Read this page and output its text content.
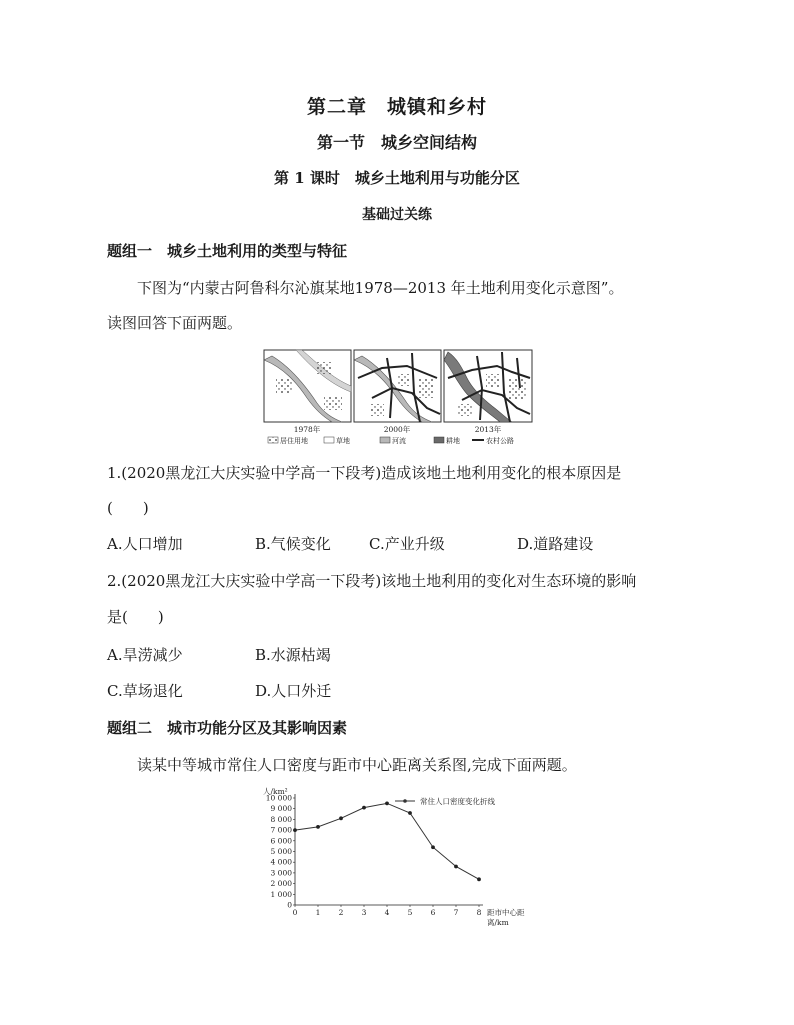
第二章　城镇和乡村
第一节　城乡空间结构
第 1 课时　城乡土地利用与功能分区
基础过关练
题组一　城乡土地利用的类型与特征
下图为“内蒙古阿鲁科尔沁旗某地1978—2013 年土地利用变化示意图”。
读图回答下面两题。
1978年	2000年	2013年
居住用地	草地	河流	耕地	农村公路
1.(2020黑龙江大庆实验中学高一下段考)造成该地土地利用变化的根本原因是
(　　)
A.人口增加	B.气候变化	C.产业升级	D.道路建设
2.(2020黑龙江大庆实验中学高一下段考)该地土地利用的变化对生态环境的影响
是(　　)
A.旱涝减少	B.水源枯竭
C.草场退化	D.人口外迁
题组二　城市功能分区及其影响因素
读某中等城市常住人口密度与距市中心距离关系图,完成下面两题。
0
1 000
2 000
3 000
4 000
5 000
6 000
7 000
8 000
9 000
10 000
0 1 2 3 4 5 6 7 8
人/km²
距市中心距离/km
常住人口密度变化折线
